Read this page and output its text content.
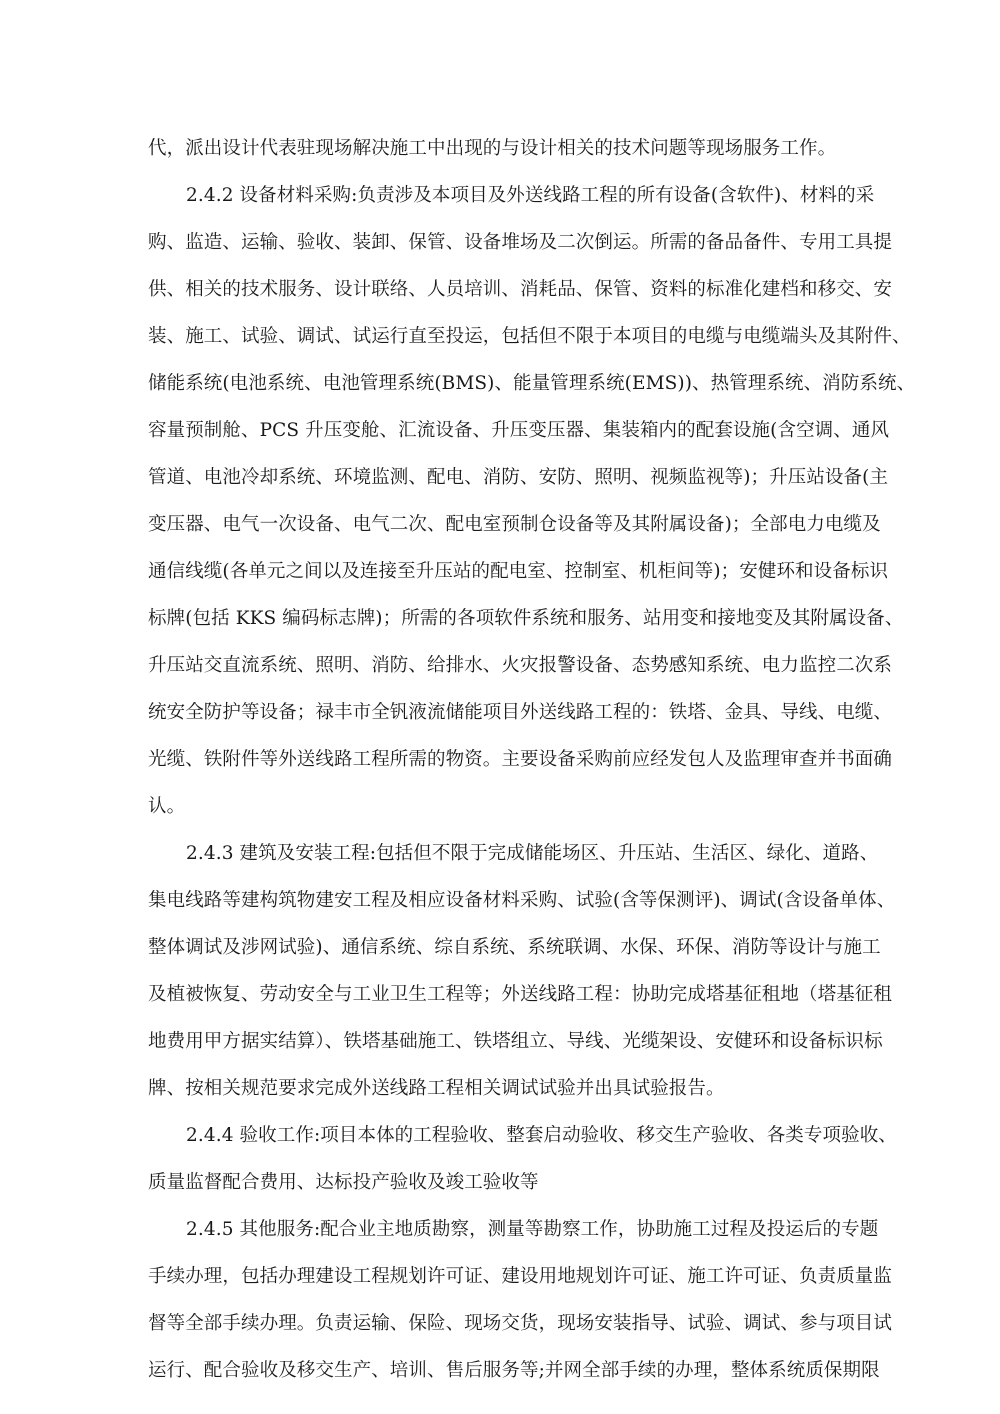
代，派出设计代表驻现场解决施工中出现的与设计相关的技术问题等现场服务工作。
2.4.2 设备材料采购:负责涉及本项目及外送线路工程的所有设备(含软件)、材料的采
购、监造、运输、验收、装卸、保管、设备堆场及二次倒运。所需的备品备件、专用工具提
供、相关的技术服务、设计联络、人员培训、消耗品、保管、资料的标准化建档和移交、安
装、施工、试验、调试、试运行直至投运，包括但不限于本项目的电缆与电缆端头及其附件、
储能系统(电池系统、电池管理系统(BMS)、能量管理系统(EMS))、热管理系统、消防系统、
容量预制舱、PCS 升压变舱、汇流设备、升压变压器、集装箱内的配套设施(含空调、通风
管道、电池冷却系统、环境监测、配电、消防、安防、照明、视频监视等)；升压站设备(主
变压器、电气一次设备、电气二次、配电室预制仓设备等及其附属设备)；全部电力电缆及
通信线缆(各单元之间以及连接至升压站的配电室、控制室、机柜间等)；安健环和设备标识
标牌(包括 KKS 编码标志牌)；所需的各项软件系统和服务、站用变和接地变及其附属设备、
升压站交直流系统、照明、消防、给排水、火灾报警设备、态势感知系统、电力监控二次系
统安全防护等设备；禄丰市全钒液流储能项目外送线路工程的：铁塔、金具、导线、电缆、
光缆、铁附件等外送线路工程所需的物资。主要设备采购前应经发包人及监理审查并书面确
认。
2.4.3 建筑及安装工程:包括但不限于完成储能场区、升压站、生活区、绿化、道路、
集电线路等建构筑物建安工程及相应设备材料采购、试验(含等保测评)、调试(含设备单体、
整体调试及涉网试验)、通信系统、综自系统、系统联调、水保、环保、消防等设计与施工
及植被恢复、劳动安全与工业卫生工程等；外送线路工程：协助完成塔基征租地（塔基征租
地费用甲方据实结算）、铁塔基础施工、铁塔组立、导线、光缆架设、安健环和设备标识标
牌、按相关规范要求完成外送线路工程相关调试试验并出具试验报告。
2.4.4 验收工作:项目本体的工程验收、整套启动验收、移交生产验收、各类专项验收、
质量监督配合费用、达标投产验收及竣工验收等
2.4.5 其他服务:配合业主地质勘察，测量等勘察工作，协助施工过程及投运后的专题
手续办理，包括办理建设工程规划许可证、建设用地规划许可证、施工许可证、负责质量监
督等全部手续办理。负责运输、保险、现场交货，现场安装指导、试验、调试、参与项目试
运行、配合验收及移交生产、培训、售后服务等;并网全部手续的办理，整体系统质保期限
